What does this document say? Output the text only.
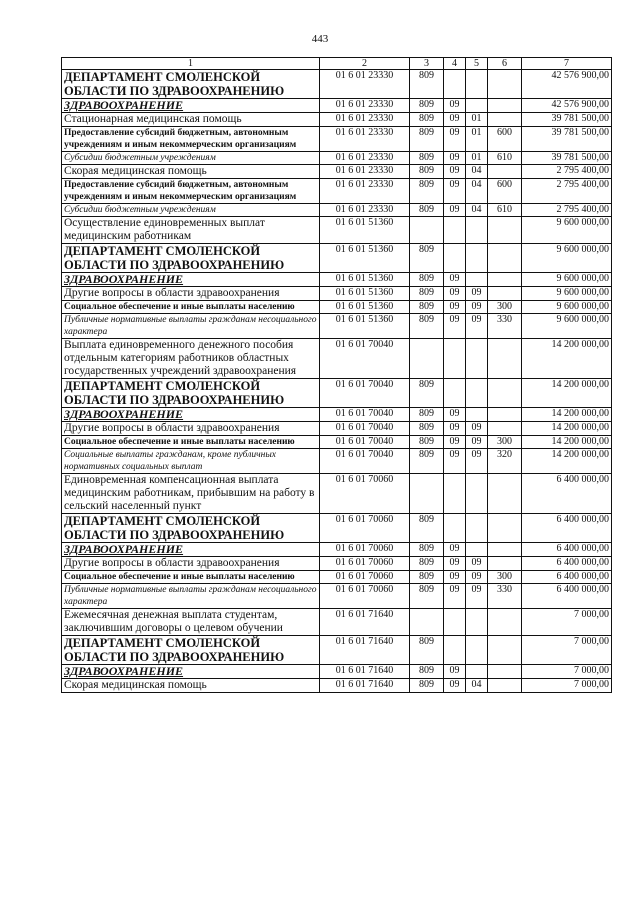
443
1	2	3	4	5	6	7
ДЕПАРТАМЕНТ СМОЛЕНСКОЙ ОБЛАСТИ ПО ЗДРАВООХРАНЕНИЮ	01 6 01 23330	809				42 576 900,00
ЗДРАВООХРАНЕНИЕ	01 6 01 23330	809	09			42 576 900,00
Стационарная медицинская помощь	01 6 01 23330	809	09	01		39 781 500,00
Предоставление субсидий бюджетным, автономным учреждениям и иным некоммерческим организациям	01 6 01 23330	809	09	01	600	39 781 500,00
Субсидии бюджетным учреждениям	01 6 01 23330	809	09	01	610	39 781 500,00
Скорая медицинская помощь	01 6 01 23330	809	09	04		2 795 400,00
Предоставление субсидий бюджетным, автономным учреждениям и иным некоммерческим организациям	01 6 01 23330	809	09	04	600	2 795 400,00
Субсидии бюджетным учреждениям	01 6 01 23330	809	09	04	610	2 795 400,00
Осуществление единовременных выплат медицинским работникам	01 6 01 51360					9 600 000,00
ДЕПАРТАМЕНТ СМОЛЕНСКОЙ ОБЛАСТИ ПО ЗДРАВООХРАНЕНИЮ	01 6 01 51360	809				9 600 000,00
ЗДРАВООХРАНЕНИЕ	01 6 01 51360	809	09			9 600 000,00
Другие вопросы в области здравоохранения	01 6 01 51360	809	09	09		9 600 000,00
Социальное обеспечение и иные выплаты населению	01 6 01 51360	809	09	09	300	9 600 000,00
Публичные нормативные выплаты гражданам несоциального характера	01 6 01 51360	809	09	09	330	9 600 000,00
Выплата единовременного денежного пособия отдельным категориям работников областных государственных учреждений здравоохранения	01 6 01 70040					14 200 000,00
ДЕПАРТАМЕНТ СМОЛЕНСКОЙ ОБЛАСТИ ПО ЗДРАВООХРАНЕНИЮ	01 6 01 70040	809				14 200 000,00
ЗДРАВООХРАНЕНИЕ	01 6 01 70040	809	09			14 200 000,00
Другие вопросы в области здравоохранения	01 6 01 70040	809	09	09		14 200 000,00
Социальное обеспечение и иные выплаты населению	01 6 01 70040	809	09	09	300	14 200 000,00
Социальные выплаты гражданам, кроме публичных нормативных социальных выплат	01 6 01 70040	809	09	09	320	14 200 000,00
Единовременная компенсационная выплата медицинским работникам, прибывшим на работу в сельский населенный пункт	01 6 01 70060					6 400 000,00
ДЕПАРТАМЕНТ СМОЛЕНСКОЙ ОБЛАСТИ ПО ЗДРАВООХРАНЕНИЮ	01 6 01 70060	809				6 400 000,00
ЗДРАВООХРАНЕНИЕ	01 6 01 70060	809	09			6 400 000,00
Другие вопросы в области здравоохранения	01 6 01 70060	809	09	09		6 400 000,00
Социальное обеспечение и иные выплаты населению	01 6 01 70060	809	09	09	300	6 400 000,00
Публичные нормативные выплаты гражданам несоциального характера	01 6 01 70060	809	09	09	330	6 400 000,00
Ежемесячная денежная выплата студентам, заключившим договоры о целевом обучении	01 6 01 71640					7 000,00
ДЕПАРТАМЕНТ СМОЛЕНСКОЙ ОБЛАСТИ ПО ЗДРАВООХРАНЕНИЮ	01 6 01 71640	809				7 000,00
ЗДРАВООХРАНЕНИЕ	01 6 01 71640	809	09			7 000,00
Скорая медицинская помощь	01 6 01 71640	809	09	04		7 000,00
